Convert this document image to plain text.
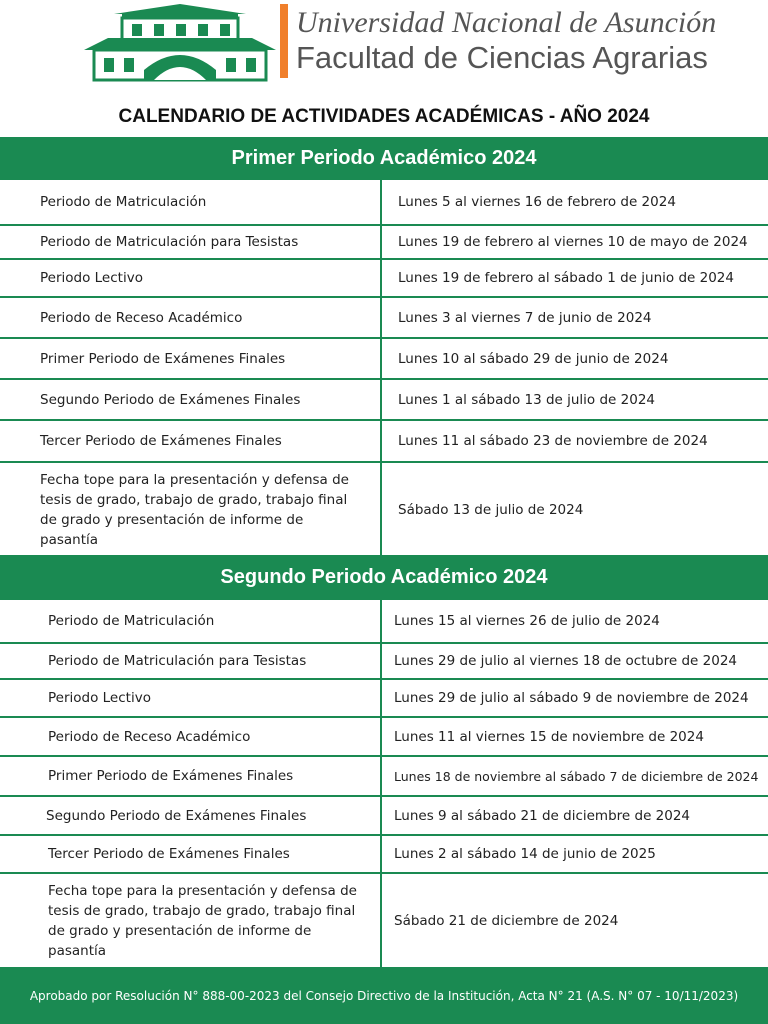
Universidad Nacional de Asunción
Facultad de Ciencias Agrarias
CALENDARIO DE ACTIVIDADES ACADÉMICAS - AÑO 2024
Primer Periodo Académico 2024
Periodo de Matriculación	Lunes 5 al viernes 16 de febrero de 2024
Periodo de Matriculación para Tesistas	Lunes 19 de febrero al viernes 10 de mayo de 2024
Periodo Lectivo	Lunes 19 de febrero al sábado 1 de junio de 2024
Periodo de Receso Académico	Lunes 3 al viernes 7 de junio de 2024
Primer Periodo de Exámenes Finales	Lunes 10 al sábado 29 de junio de 2024
Segundo Periodo de Exámenes Finales	Lunes 1 al sábado 13 de julio de 2024
Tercer Periodo de Exámenes Finales	Lunes 11 al sábado 23 de noviembre de 2024
Fecha tope para la presentación y defensa de tesis de grado, trabajo de grado, trabajo final de grado y presentación de informe de pasantía	Sábado 13 de julio de 2024
Segundo Periodo Académico 2024
Periodo de Matriculación	Lunes 15 al viernes 26 de julio de 2024
Periodo de Matriculación para Tesistas	Lunes 29 de julio al viernes 18 de octubre de 2024
Periodo Lectivo	Lunes 29 de julio al sábado 9 de noviembre de 2024
Periodo de Receso Académico	Lunes 11 al viernes 15 de noviembre de 2024
Primer Periodo de Exámenes Finales	Lunes 18 de noviembre al sábado 7 de diciembre de 2024
Segundo Periodo de Exámenes Finales	Lunes 9 al sábado 21 de diciembre de 2024
Tercer Periodo de Exámenes Finales	Lunes 2 al sábado 14 de junio de 2025
Fecha tope para la presentación y defensa de tesis de grado, trabajo de grado, trabajo final de grado y presentación de informe de pasantía	Sábado 21 de diciembre de 2024
Aprobado por Resolución N° 888-00-2023 del Consejo Directivo de la Institución, Acta N° 21 (A.S. N° 07 - 10/11/2023)
